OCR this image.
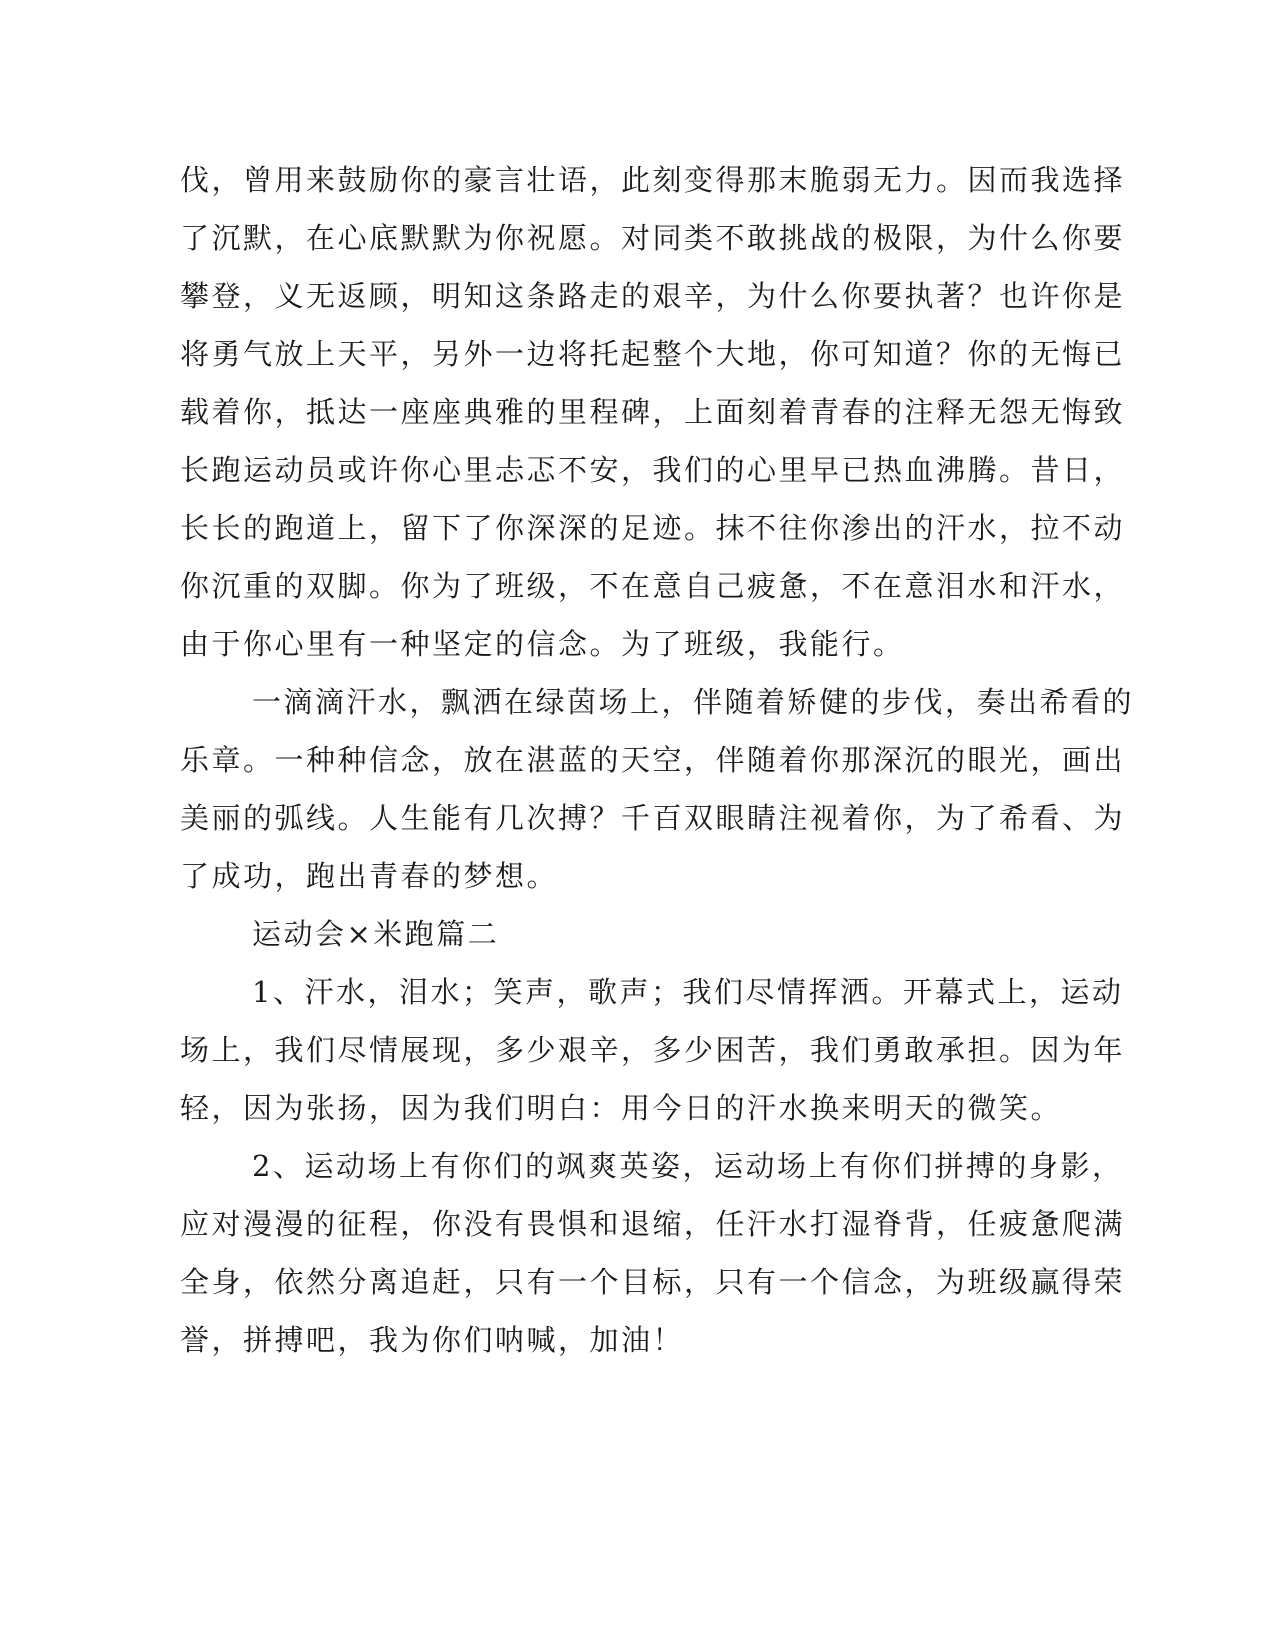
伐，曾用来鼓励你的豪言壮语，此刻变得那末脆弱无力。因而我选择
了沉默，在心底默默为你祝愿。对同类不敢挑战的极限，为什么你要
攀登，义无返顾，明知这条路走的艰辛，为什么你要执著？也许你是
将勇气放上天平，另外一边将托起整个大地，你可知道？你的无悔已
载着你，抵达一座座典雅的里程碑，上面刻着青春的注释无怨无悔致
长跑运动员或许你心里忐忑不安，我们的心里早已热血沸腾。昔日，
长长的跑道上，留下了你深深的足迹。抹不往你渗出的汗水，拉不动
你沉重的双脚。你为了班级，不在意自己疲惫，不在意泪水和汗水，
由于你心里有一种坚定的信念。为了班级，我能行。
一滴滴汗水，飘洒在绿茵场上，伴随着矫健的步伐，奏出希看的
乐章。一种种信念，放在湛蓝的天空，伴随着你那深沉的眼光，画出
美丽的弧线。人生能有几次搏？千百双眼睛注视着你，为了希看、为
了成功，跑出青春的梦想。
运动会×米跑篇二
1、汗水，泪水；笑声，歌声；我们尽情挥洒。开幕式上，运动
场上，我们尽情展现，多少艰辛，多少困苦，我们勇敢承担。因为年
轻，因为张扬，因为我们明白：用今日的汗水换来明天的微笑。
2、运动场上有你们的飒爽英姿，运动场上有你们拼搏的身影，
应对漫漫的征程，你没有畏惧和退缩，任汗水打湿脊背，任疲惫爬满
全身，依然分离追赶，只有一个目标，只有一个信念，为班级赢得荣
誉，拼搏吧，我为你们呐喊，加油！
